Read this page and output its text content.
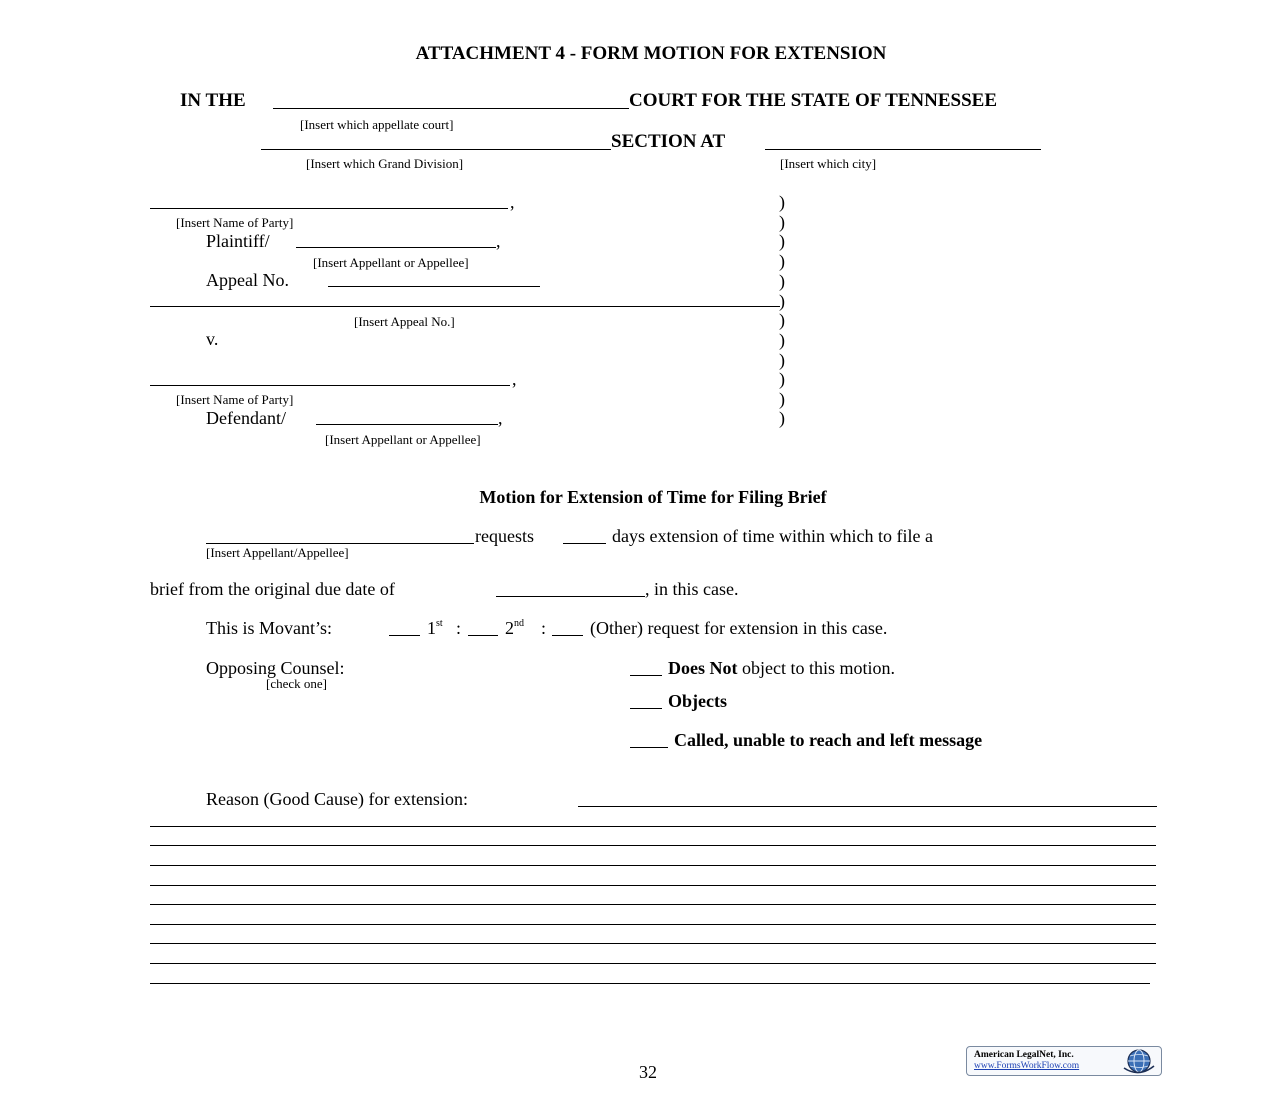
ATTACHMENT 4 - FORM MOTION FOR EXTENSION
IN THE	COURT FOR THE STATE OF TENNESSEE
[Insert which appellate court]
SECTION AT
[Insert which Grand Division]	[Insert which city]
,
[Insert Name of Party]
Plaintiff/	,
[Insert Appellant or Appellee]
Appeal No.
[Insert Appeal No.]
v.
,
[Insert Name of Party]
Defendant/	,
[Insert Appellant or Appellee]
)
)
)
)
)
)
)
)
)
)
)
)
Motion for Extension of Time for Filing Brief
requests	days extension of time within which to file a
[Insert Appellant/Appellee]
brief from the original due date of	, in this case.
This is Movant’s:	1st : 2nd : (Other) request for extension in this case.
Opposing Counsel:
[check one]
Does Not object to this motion.
Objects
Called, unable to reach and left message
Reason (Good Cause) for extension:
32
American LegalNet, Inc.
www.FormsWorkFlow.com
